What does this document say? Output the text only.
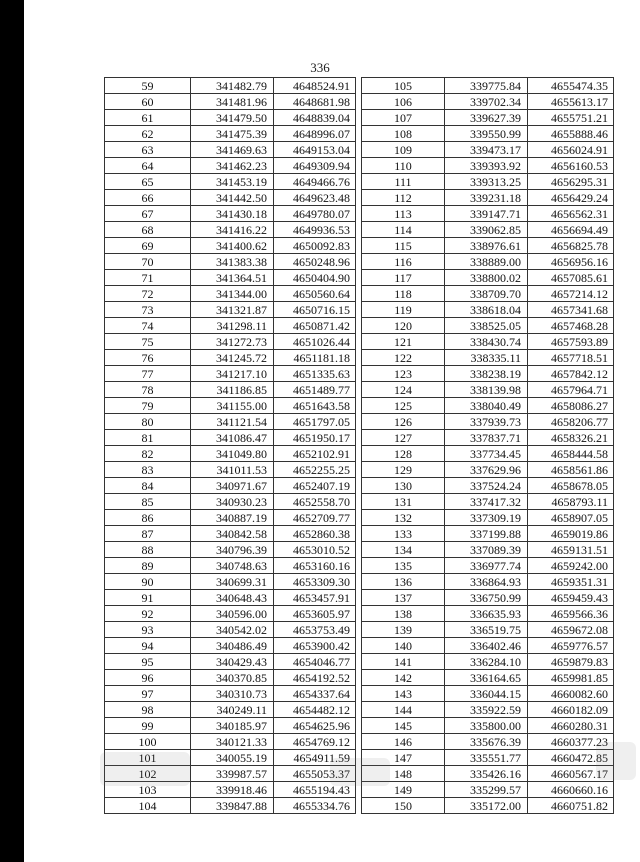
336
59	341482.79	4648524.91
60	341481.96	4648681.98
61	341479.50	4648839.04
62	341475.39	4648996.07
63	341469.63	4649153.04
64	341462.23	4649309.94
65	341453.19	4649466.76
66	341442.50	4649623.48
67	341430.18	4649780.07
68	341416.22	4649936.53
69	341400.62	4650092.83
70	341383.38	4650248.96
71	341364.51	4650404.90
72	341344.00	4650560.64
73	341321.87	4650716.15
74	341298.11	4650871.42
75	341272.73	4651026.44
76	341245.72	4651181.18
77	341217.10	4651335.63
78	341186.85	4651489.77
79	341155.00	4651643.58
80	341121.54	4651797.05
81	341086.47	4651950.17
82	341049.80	4652102.91
83	341011.53	4652255.25
84	340971.67	4652407.19
85	340930.23	4652558.70
86	340887.19	4652709.77
87	340842.58	4652860.38
88	340796.39	4653010.52
89	340748.63	4653160.16
90	340699.31	4653309.30
91	340648.43	4653457.91
92	340596.00	4653605.97
93	340542.02	4653753.49
94	340486.49	4653900.42
95	340429.43	4654046.77
96	340370.85	4654192.52
97	340310.73	4654337.64
98	340249.11	4654482.12
99	340185.97	4654625.96
100	340121.33	4654769.12
101	340055.19	4654911.59
102	339987.57	4655053.37
103	339918.46	4655194.43
104	339847.88	4655334.76
105	339775.84	4655474.35
106	339702.34	4655613.17
107	339627.39	4655751.21
108	339550.99	4655888.46
109	339473.17	4656024.91
110	339393.92	4656160.53
111	339313.25	4656295.31
112	339231.18	4656429.24
113	339147.71	4656562.31
114	339062.85	4656694.49
115	338976.61	4656825.78
116	338889.00	4656956.16
117	338800.02	4657085.61
118	338709.70	4657214.12
119	338618.04	4657341.68
120	338525.05	4657468.28
121	338430.74	4657593.89
122	338335.11	4657718.51
123	338238.19	4657842.12
124	338139.98	4657964.71
125	338040.49	4658086.27
126	337939.73	4658206.77
127	337837.71	4658326.21
128	337734.45	4658444.58
129	337629.96	4658561.86
130	337524.24	4658678.05
131	337417.32	4658793.11
132	337309.19	4658907.05
133	337199.88	4659019.86
134	337089.39	4659131.51
135	336977.74	4659242.00
136	336864.93	4659351.31
137	336750.99	4659459.43
138	336635.93	4659566.36
139	336519.75	4659672.08
140	336402.46	4659776.57
141	336284.10	4659879.83
142	336164.65	4659981.85
143	336044.15	4660082.60
144	335922.59	4660182.09
145	335800.00	4660280.31
146	335676.39	4660377.23
147	335551.77	4660472.85
148	335426.16	4660567.17
149	335299.57	4660660.16
150	335172.00	4660751.82
